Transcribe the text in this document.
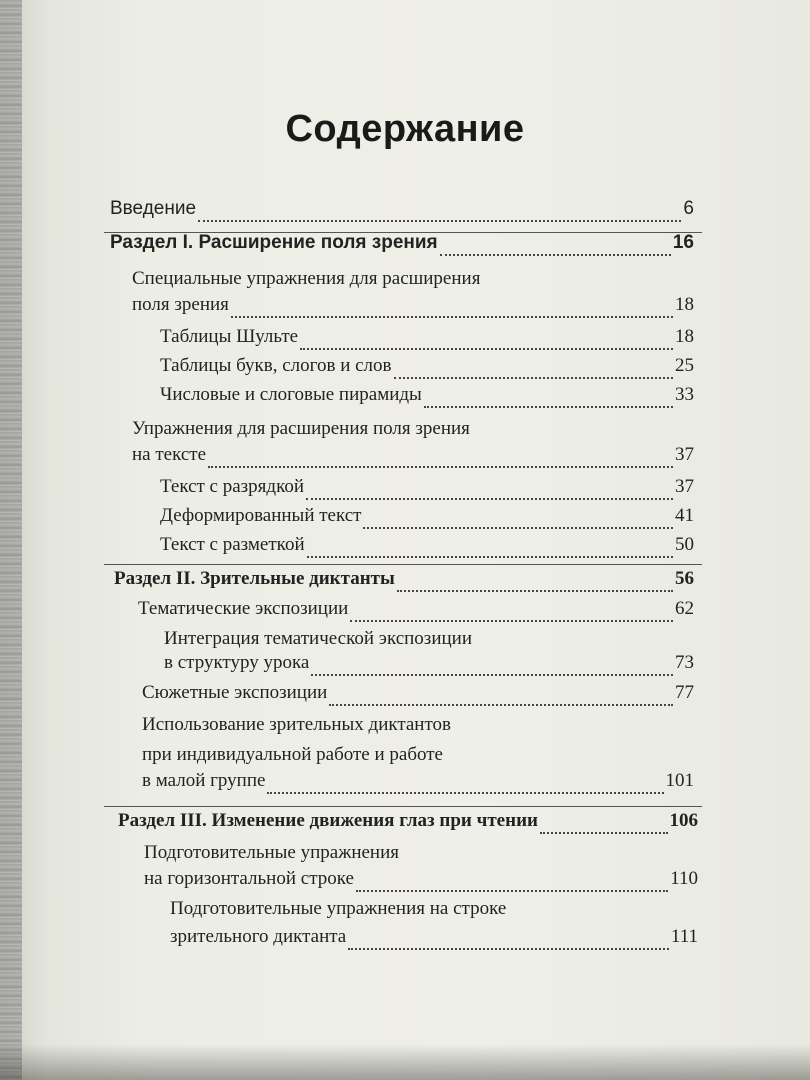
Содержание
Введение	6
Раздел I. Расширение поля зрения	16
Специальные упражнения для расширения
поля зрения	18
Таблицы Шульте	18
Таблицы букв, слогов и слов	25
Числовые и слоговые пирамиды	33
Упражнения для расширения поля зрения
на тексте	37
Текст с разрядкой	37
Деформированный текст	41
Текст с разметкой	50
Раздел II. Зрительные диктанты	56
Тематические экспозиции	62
Интеграция тематической экспозиции
в структуру урока	73
Сюжетные экспозиции	77
Использование зрительных диктантов
при индивидуальной работе и работе
в малой группе	101
Раздел III. Изменение движения глаз при чтении	106
Подготовительные упражнения
на горизонтальной строке	110
Подготовительные упражнения на строке
зрительного диктанта	111
